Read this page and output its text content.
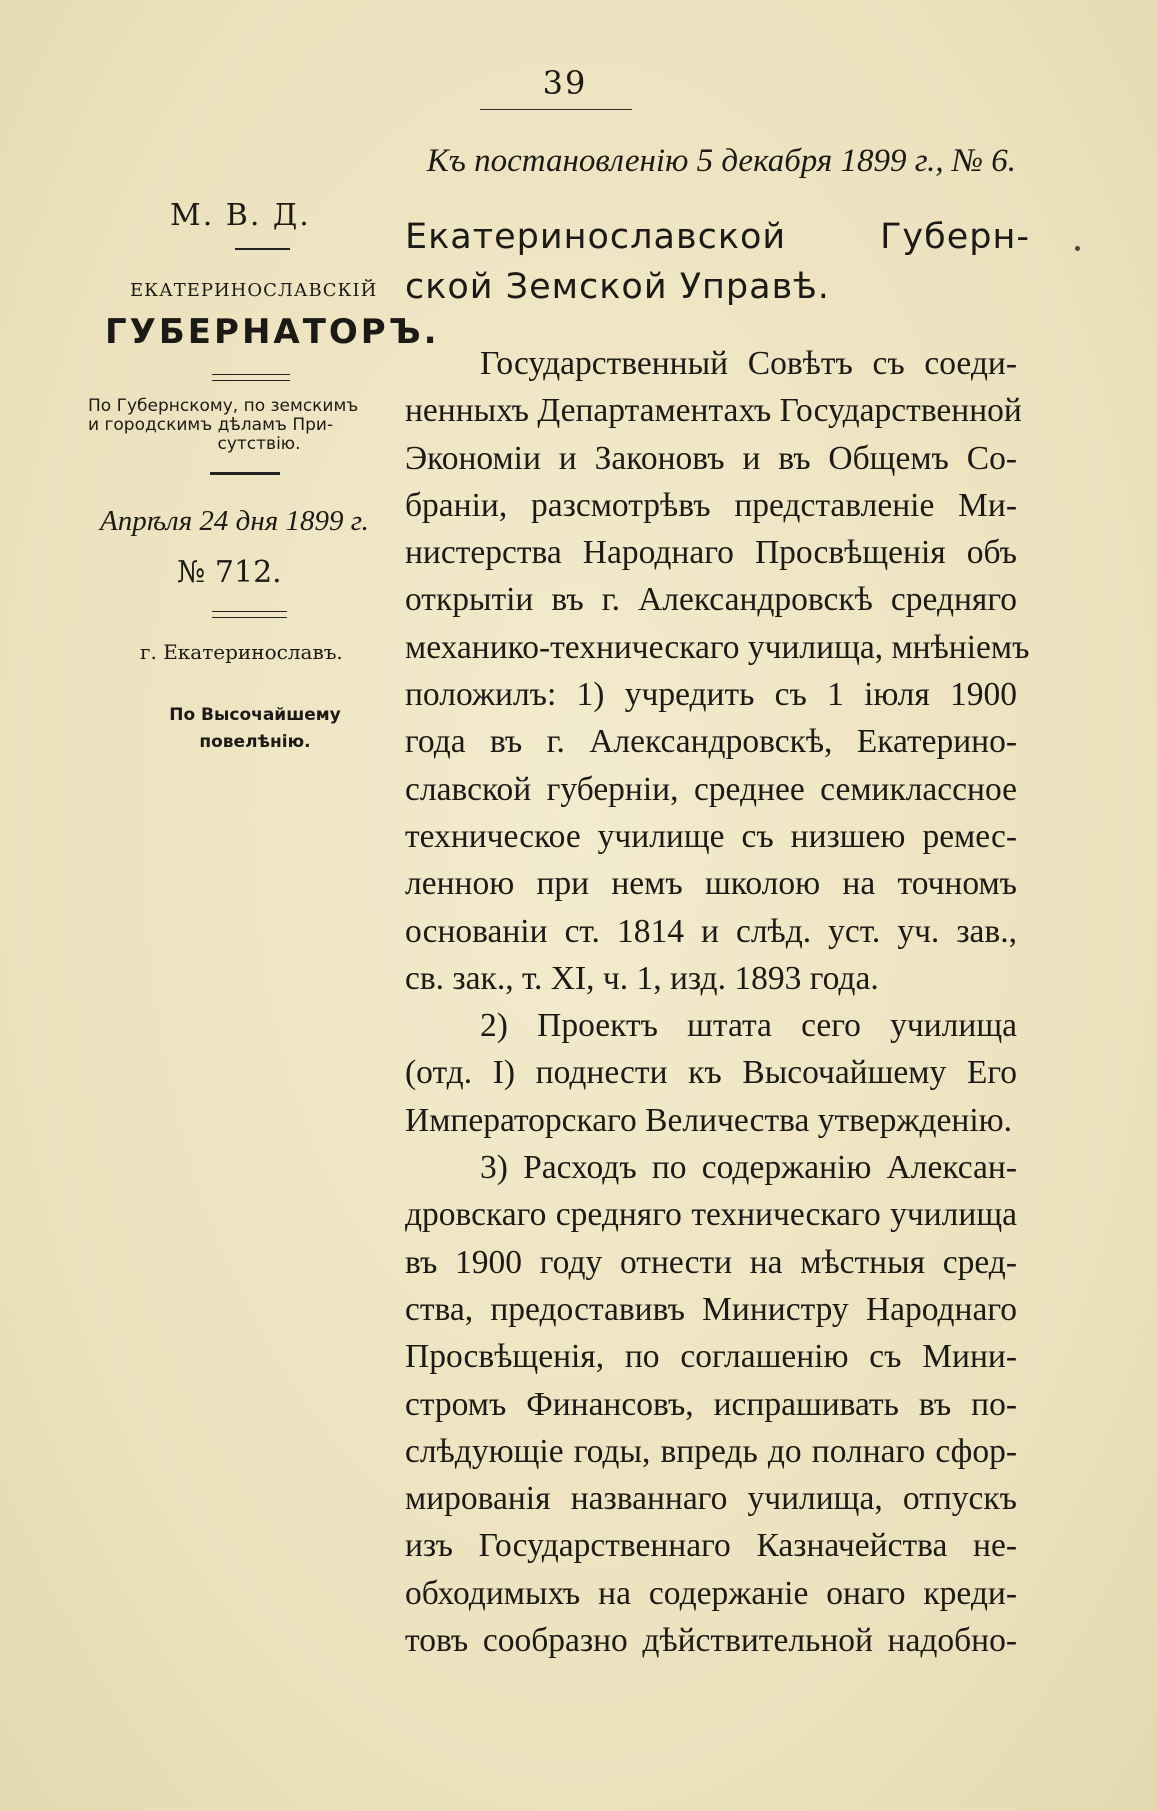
39
Къ постановленію 5 декабря 1899 г., № 6.
М. В. Д.
ЕКАТЕРИНОСЛАВСКІЙ
ГУБЕРНАТОРЪ.
По Губернскому, по земскимъ
и городскимъ дѣламъ При-
сутствію.
Апрѣля 24 дня 1899 г.
№ 712.
г. Екатеринославъ.
По Высочайшему
повелѣнію.
Екатеринославской Губерн-
ской Земской Управѣ.
Государственный Совѣтъ съ соеди-
ненныхъ Департаментахъ Государственной
Экономіи и Законовъ и въ Общемъ Со-
браніи, разсмотрѣвъ представленіе Ми-
нистерства Народнаго Просвѣщенія объ
открытіи въ г. Александровскѣ средняго
механико-техническаго училища, мнѣніемъ
положилъ: 1) учредить съ 1 іюля 1900
года въ г. Александровскѣ, Екатерино-
славской губерніи, среднее семиклассное
техническое училище съ низшею ремес-
ленною при немъ школою на точномъ
основаніи ст. 1814 и слѣд. уст. уч. зав.,
св. зак., т. XI, ч. 1, изд. 1893 года.
2) Проектъ штата сего училища
(отд. I) поднести къ Высочайшему Его
Императорскаго Величества утвержденію.
3) Расходъ по содержанію Алексан-
дровскаго средняго техническаго училища
въ 1900 году отнести на мѣстныя сред-
ства, предоставивъ Министру Народнаго
Просвѣщенія, по соглашенію съ Мини-
стромъ Финансовъ, испрашивать въ по-
слѣдующіе годы, впредь до полнаго сфор-
мированія названнаго училища, отпускъ
изъ Государственнаго Казначейства не-
обходимыхъ на содержаніе онаго креди-
товъ сообразно дѣйствительной надобно-
